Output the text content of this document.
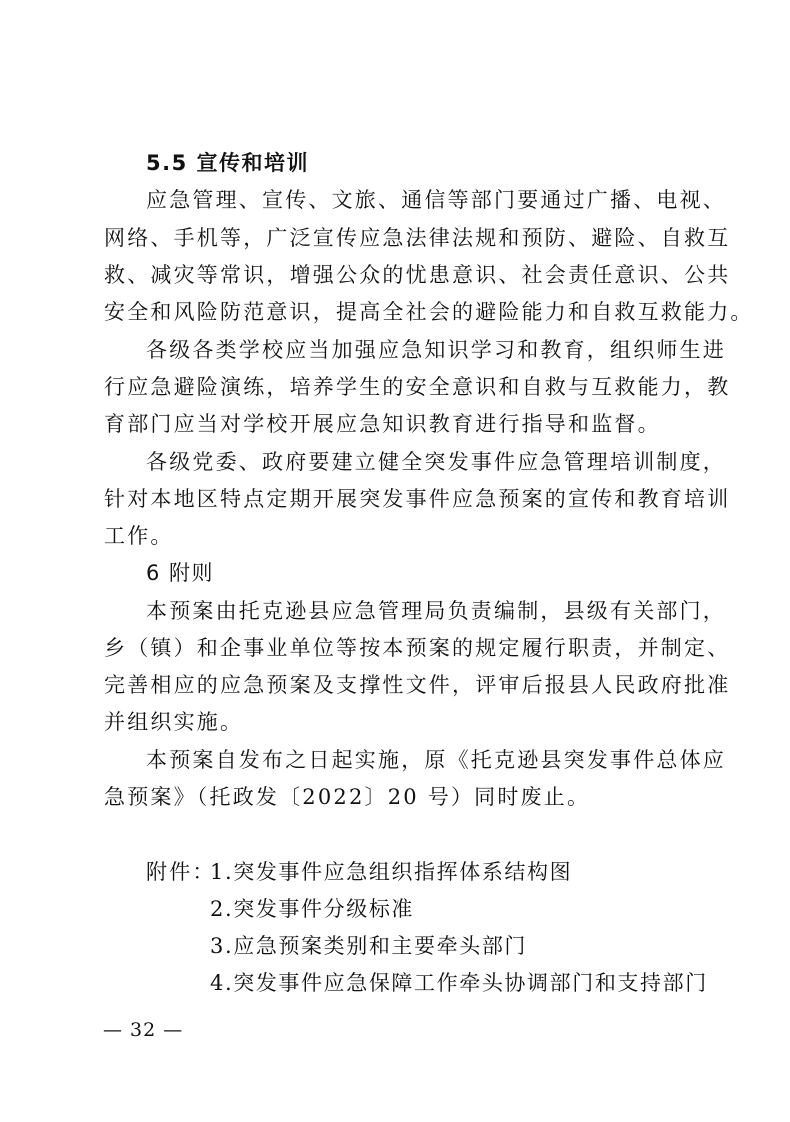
5.5 宣传和培训
应急管理、宣传、文旅、通信等部门要通过广播、电视、
网络、手机等，广泛宣传应急法律法规和预防、避险、自救互
救、减灾等常识，增强公众的忧患意识、社会责任意识、公共
安全和风险防范意识，提高全社会的避险能力和自救互救能力。
各级各类学校应当加强应急知识学习和教育，组织师生进
行应急避险演练，培养学生的安全意识和自救与互救能力，教
育部门应当对学校开展应急知识教育进行指导和监督。
各级党委、政府要建立健全突发事件应急管理培训制度，
针对本地区特点定期开展突发事件应急预案的宣传和教育培训
工作。
6 附则
本预案由托克逊县应急管理局负责编制，县级有关部门，
乡（镇）和企事业单位等按本预案的规定履行职责，并制定、
完善相应的应急预案及支撑性文件，评审后报县人民政府批准
并组织实施。
本预案自发布之日起实施，原《托克逊县突发事件总体应
急预案》（托政发〔2022〕20 号）同时废止。
附件：
1.突发事件应急组织指挥体系结构图
2.突发事件分级标准
3.应急预案类别和主要牵头部门
4.突发事件应急保障工作牵头协调部门和支持部门
— 32 —
